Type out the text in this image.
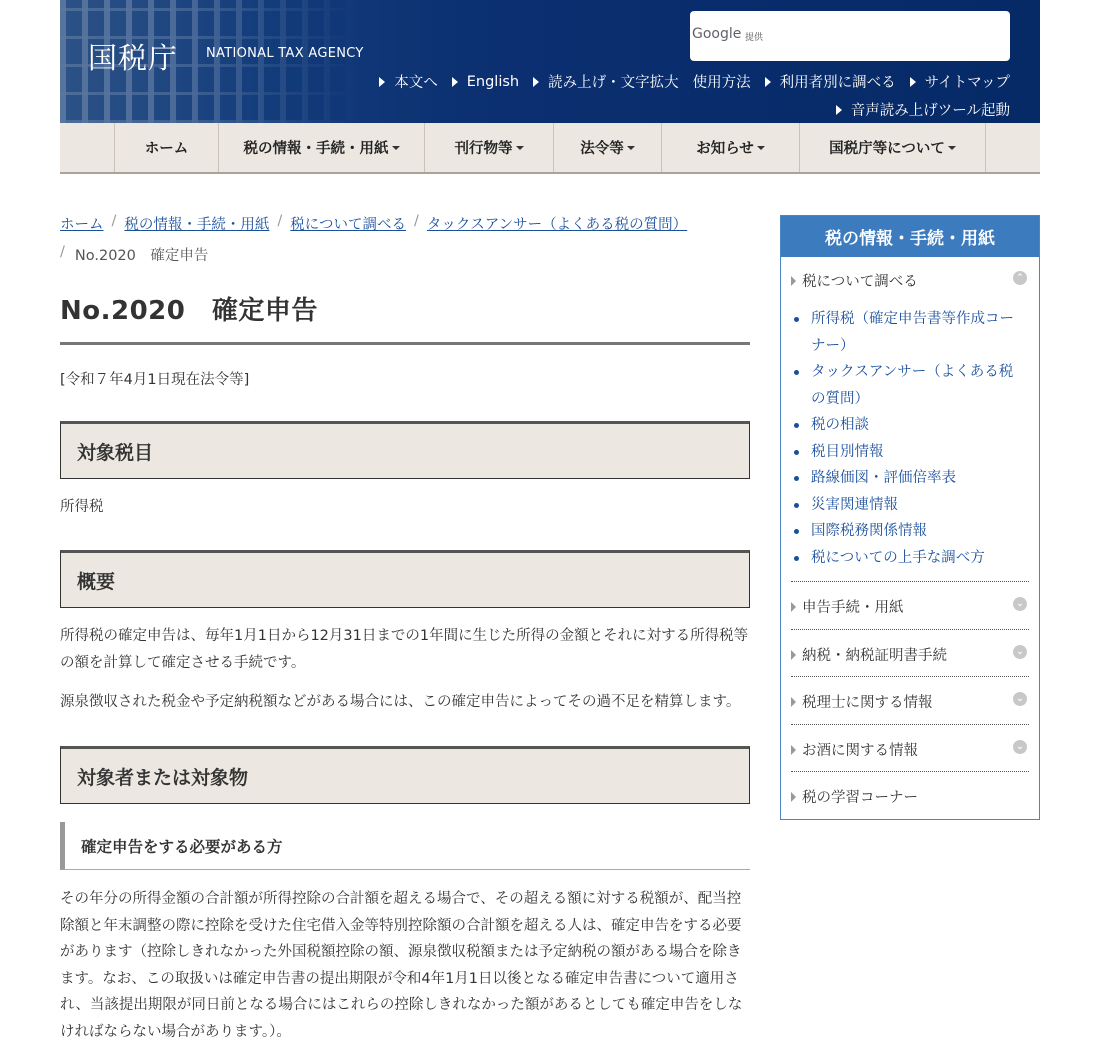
国税庁 NATIONAL TAX AGENCY
Google 提供
本文へ English 読み上げ・文字拡大 使用方法 利用者別に調べる サイトマップ
音声読み上げツール起動
ホーム	税の情報・手続・用紙	刊行物等	法令等	お知らせ	国税庁等について
ホーム / 税の情報・手続・用紙 / 税について調べる / タックスアンサー（よくある税の質問）
/ No.2020　確定申告
No.2020　確定申告
[令和７年4月1日現在法令等]
対象税目

所得税

概要

所得税の確定申告は、毎年1月1日から12月31日までの1年間に生じた所得の金額とそれに対する所得税等の額を計算して確定させる手続です。

源泉徴収された税金や予定納税額などがある場合には、この確定申告によってその過不足を精算します。

対象者または対象物
確定申告をする必要がある方

その年分の所得金額の合計額が所得控除の合計額を超える場合で、その超える額に対する税額が、配当控除額と年末調整の際に控除を受けた住宅借入金等特別控除額の合計額を超える人は、確定申告をする必要があります（控除しきれなかった外国税額控除の額、源泉徴収税額または予定納税の額がある場合を除きます。なお、この取扱いは確定申告書の提出期限が令和4年1月1日以後となる確定申告書について適用され、当該提出期限が同日前となる場合にはこれらの控除しきれなかった額があるとしても確定申告をしなければならない場合があります。）。

税の情報・手続・用紙
税について調べる	⌃
所得税（確定申告書等作成コーナー）
タックスアンサー（よくある税の質問）
税の相談
税目別情報
路線価図・評価倍率表
災害関連情報
国際税務関係情報
税についての上手な調べ方
申告手続・用紙	⌄
納税・納税証明書手続	⌄
税理士に関する情報	⌄
お酒に関する情報	⌄
税の学習コーナー
